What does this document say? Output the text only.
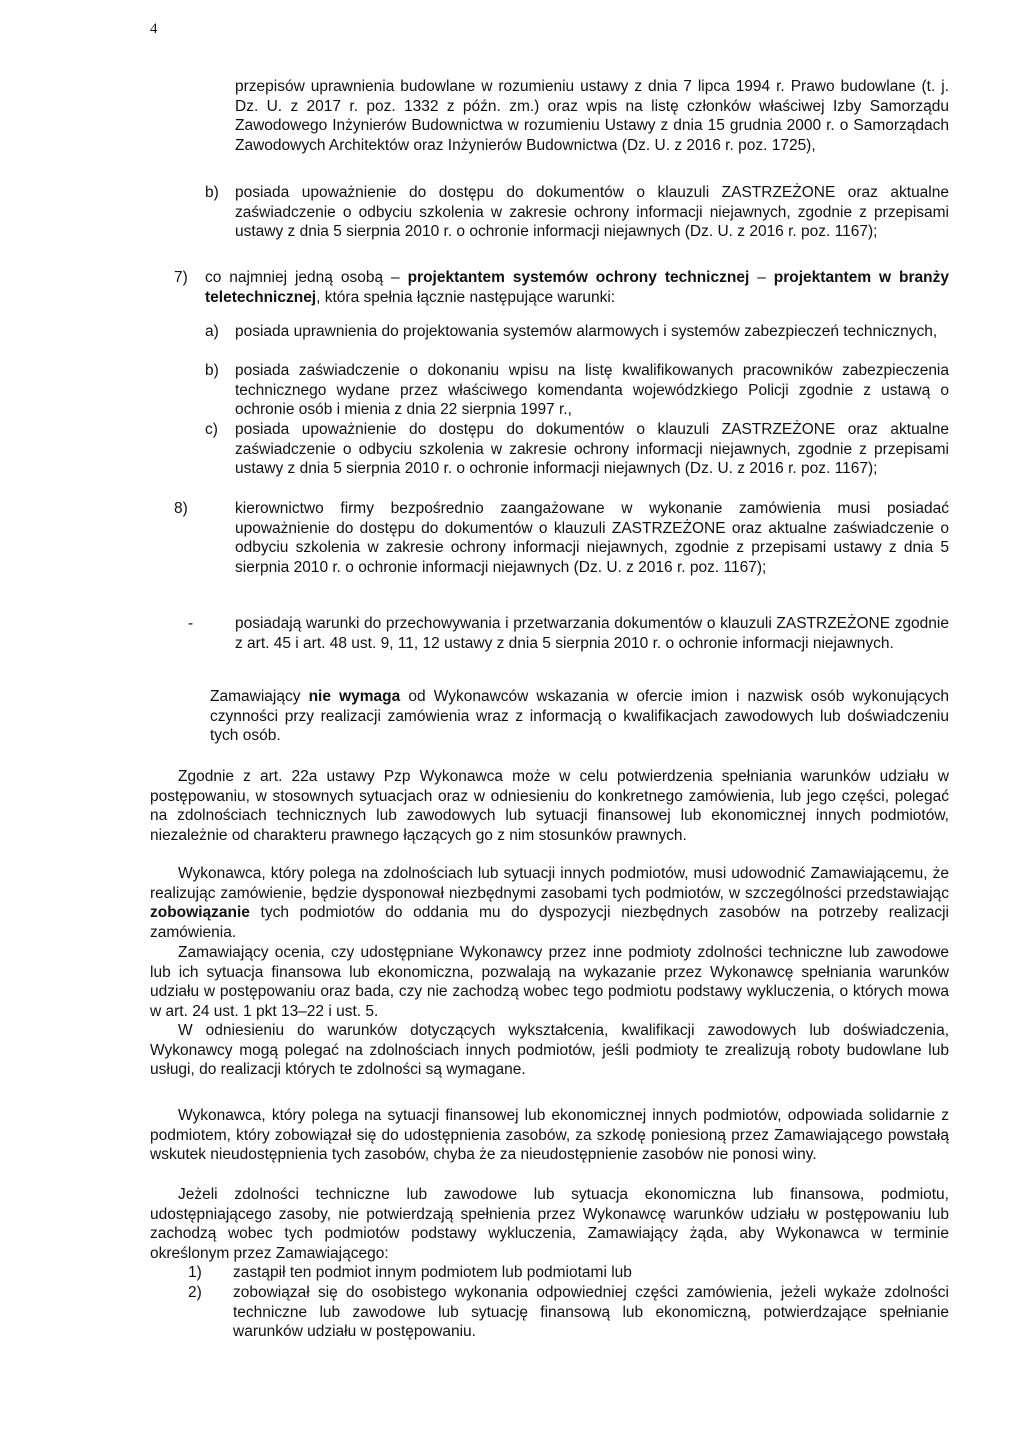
4

przepisów uprawnienia budowlane w rozumieniu ustawy z dnia 7 lipca 1994 r. Prawo budowlane (t. j. Dz. U. z 2017 r. poz. 1332 z późn. zm.) oraz wpis na listę członków właściwej Izby Samorządu Zawodowego Inżynierów Budownictwa w rozumieniu Ustawy z dnia 15 grudnia 2000 r. o Samorządach Zawodowych Architektów oraz Inżynierów Budownictwa (Dz. U. z 2016 r. poz. 1725),

b) posiada upoważnienie do dostępu do dokumentów o klauzuli ZASTRZEŻONE oraz aktualne zaświadczenie o odbyciu szkolenia w zakresie ochrony informacji niejawnych, zgodnie z przepisami ustawy z dnia 5 sierpnia 2010 r. o ochronie informacji niejawnych (Dz. U. z 2016 r. poz. 1167);

7) co najmniej jedną osobą – projektantem systemów ochrony technicznej – projektantem w branży teletechnicznej, która spełnia łącznie następujące warunki:

a) posiada uprawnienia do projektowania systemów alarmowych i systemów zabezpieczeń technicznych,

b) posiada zaświadczenie o dokonaniu wpisu na listę kwalifikowanych pracowników zabezpieczenia technicznego wydane przez właściwego komendanta wojewódzkiego Policji zgodnie z ustawą o ochronie osób i mienia z dnia 22 sierpnia 1997 r.,

c) posiada upoważnienie do dostępu do dokumentów o klauzuli ZASTRZEŻONE oraz aktualne zaświadczenie o odbyciu szkolenia w zakresie ochrony informacji niejawnych, zgodnie z przepisami ustawy z dnia 5 sierpnia 2010 r. o ochronie informacji niejawnych (Dz. U. z 2016 r. poz. 1167);

8)	kierownictwo firmy bezpośrednio zaangażowane w wykonanie zamówienia musi posiadać upoważnienie do dostępu do dokumentów o klauzuli ZASTRZEŻONE oraz aktualne zaświadczenie o odbyciu szkolenia w zakresie ochrony informacji niejawnych, zgodnie z przepisami ustawy z dnia 5 sierpnia 2010 r. o ochronie informacji niejawnych (Dz. U. z 2016 r. poz. 1167);

-	posiadają warunki do przechowywania i przetwarzania dokumentów o klauzuli ZASTRZEŻONE zgodnie z art. 45 i art. 48 ust. 9, 11, 12 ustawy z dnia 5 sierpnia 2010 r. o ochronie informacji niejawnych.

Zamawiający nie wymaga od Wykonawców wskazania w ofercie imion i nazwisk osób wykonujących czynności przy realizacji zamówienia wraz z informacją o kwalifikacjach zawodowych lub doświadczeniu tych osób.

Zgodnie z art. 22a ustawy Pzp Wykonawca może w celu potwierdzenia spełniania warunków udziału w postępowaniu, w stosownych sytuacjach oraz w odniesieniu do konkretnego zamówienia, lub jego części, polegać na zdolnościach technicznych lub zawodowych lub sytuacji finansowej lub ekonomicznej innych podmiotów, niezależnie od charakteru prawnego łączących go z nim stosunków prawnych.

Wykonawca, który polega na zdolnościach lub sytuacji innych podmiotów, musi udowodnić Zamawiającemu, że realizując zamówienie, będzie dysponował niezbędnymi zasobami tych podmiotów, w szczególności przedstawiając zobowiązanie tych podmiotów do oddania mu do dyspozycji niezbędnych zasobów na potrzeby realizacji zamówienia.

Zamawiający ocenia, czy udostępniane Wykonawcy przez inne podmioty zdolności techniczne lub zawodowe lub ich sytuacja finansowa lub ekonomiczna, pozwalają na wykazanie przez Wykonawcę spełniania warunków udziału w postępowaniu oraz bada, czy nie zachodzą wobec tego podmiotu podstawy wykluczenia, o których mowa w art. 24 ust. 1 pkt 13–22 i ust. 5.

W odniesieniu do warunków dotyczących wykształcenia, kwalifikacji zawodowych lub doświadczenia, Wykonawcy mogą polegać na zdolnościach innych podmiotów, jeśli podmioty te zrealizują roboty budowlane lub usługi, do realizacji których te zdolności są wymagane.

Wykonawca, który polega na sytuacji finansowej lub ekonomicznej innych podmiotów, odpowiada solidarnie z podmiotem, który zobowiązał się do udostępnienia zasobów, za szkodę poniesioną przez Zamawiającego powstałą wskutek nieudostępnienia tych zasobów, chyba że za nieudostępnienie zasobów nie ponosi winy.

Jeżeli zdolności techniczne lub zawodowe lub sytuacja ekonomiczna lub finansowa, podmiotu, udostępniającego zasoby, nie potwierdzają spełnienia przez Wykonawcę warunków udziału w postępowaniu lub zachodzą wobec tych podmiotów podstawy wykluczenia, Zamawiający żąda, aby Wykonawca w terminie określonym przez Zamawiającego:

1) zastąpił ten podmiot innym podmiotem lub podmiotami lub

2) zobowiązał się do osobistego wykonania odpowiedniej części zamówienia, jeżeli wykaże zdolności techniczne lub zawodowe lub sytuację finansową lub ekonomiczną, potwierdzające spełnianie warunków udziału w postępowaniu.
